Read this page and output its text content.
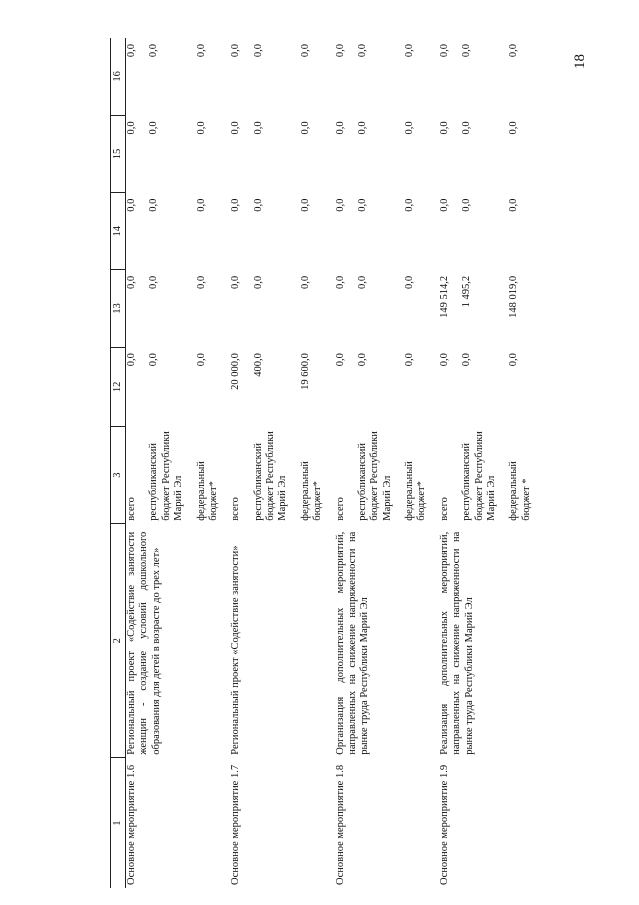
18
1	2	3	12	13	14	15	16
Основное мероприятие 1.6	Региональный проект «Содействие занятости женщин - создание условий дошкольного образования для детей в возрасте до трех лет»	всего	0,0	0,0	0,0	0,0	0,0
		республиканский бюджет Республики Марий Эл	0,0	0,0	0,0	0,0	0,0
		федеральный бюджет*	0,0	0,0	0,0	0,0	0,0
Основное мероприятие 1.7	Региональный проект «Содействие занятости»	всего	20 000,0	0,0	0,0	0,0	0,0
		республиканский бюджет Республики Марий Эл	400,0	0,0	0,0	0,0	0,0
		федеральный бюджет*	19 600,0	0,0	0,0	0,0	0,0
Основное мероприятие 1.8	Организация дополнительных мероприятий, направленных на снижение напряженности на рынке труда Республики Марий Эл	всего	0,0	0,0	0,0	0,0	0,0
		республиканский бюджет Республики Марий Эл	0,0	0,0	0,0	0,0	0,0
		федеральный бюджет*	0,0	0,0	0,0	0,0	0,0
Основное мероприятие 1.9	Реализация дополнительных мероприятий, направленных на снижение напряженности на рынке труда Республики Марий Эл	всего	0,0	149 514,2	0,0	0,0	0,0
		республиканский бюджет Республики Марий Эл	0,0	1 495,2	0,0	0,0	0,0
		федеральный бюджет *	0,0	148 019,0	0,0	0,0	0,0
